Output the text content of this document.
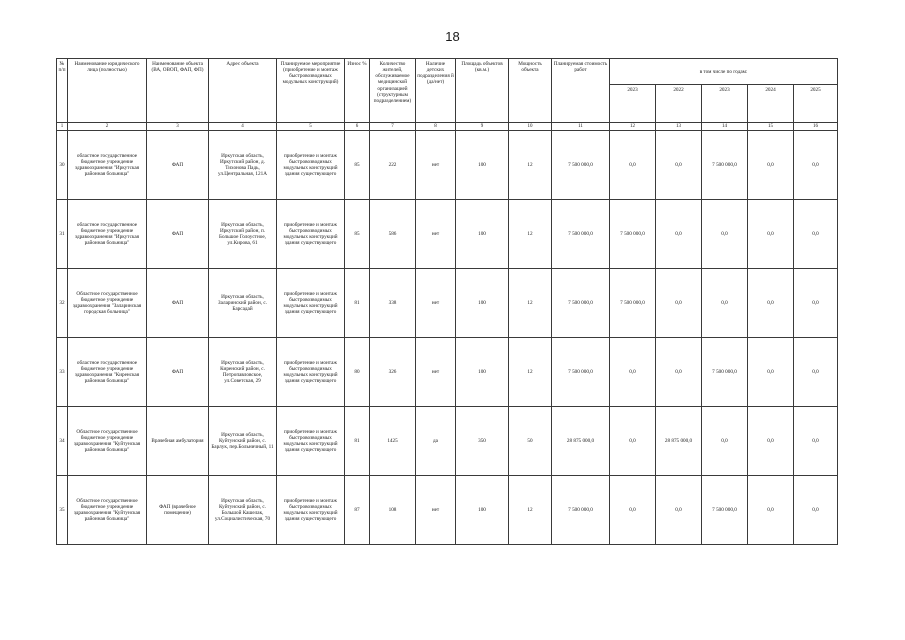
18
№ п/п	Наименование юридического лица (полностью)	Наименование объекта (ВА, ОВОП, ФАП, ФП)	Адрес объекта	Планируемое мероприятие (приобретение и монтаж быстровозводимых модульных конструкций)	Износ %	Количество жителей, обслуживаемое медицинской организацией (структурным подразделением)	Наличие детских подразделения й (да/нет)	Площадь объектов (кв.м.)	Мощность объекта	Планируемая стоимость работ	в том числе по годам:				
											2023	2022	2023	2024	2025
1	2	3	4	5	6	7	8	9	10	11	12	13	14	15	16
30	областное государственное бюджетное учреждение здравоохранения "Иркутская районная больница"	ФАП	Иркутская область, Иркутский район, д. Тихонова Падь, ул.Центральная, 121А	приобретение и монтаж быстровозводимых модульных конструкций здания существующего	85	222	нет	100	12	7 500 000,0	0,0	0,0	7 500 000,0	0,0	0,0
31	областное государственное бюджетное учреждение здравоохранения "Иркутская районная больница"	ФАП	Иркутская область, Иркутский район, п. Большое Голоустное, ул.Кирова, 61	приобретение и монтаж быстровозводимых модульных конструкций здания существующего	85	586	нет	100	12	7 500 000,0	7 500 000,0	0,0	0,0	0,0	0,0
32	Областное государственное бюджетное учреждение здравоохранения "Заларинская городская больница"	ФАП	Иркутская область, Заларинский район, с. Барсадай	приобретение и монтаж быстровозводимых модульных конструкций здания существующего	81	338	нет	100	12	7 500 000,0	7 500 000,0	0,0	0,0	0,0	0,0
33	областное государственное бюджетное учреждение здравоохранения "Киренская районная больница"	ФАП	Иркутская область, Киренский район, с. Петропавловское, ул.Советская, 29	приобретение и монтаж быстровозводимых модульных конструкций здания существующего	80	326	нет	100	12	7 500 000,0	0,0	0,0	7 500 000,0	0,0	0,0
34	Областное государственное бюджетное учреждение здравоохранения "Куйтунская районная больница"	Врачебная амбулатория	Иркутская область, Куйтунский район, с. Барлук, пер.Больничный, 11	приобретение и монтаж быстровозводимых модульных конструкций здания существующего	81	1425	да	350	50	28 875 000,0	0,0	28 875 000,0	0,0	0,0	0,0
35	Областное государственное бюджетное учреждение здравоохранения "Куйтунская районная больница"	ФАП (врачебное помещение)	Иркутская область, Куйтунский район, с. Большой Кашелак, ул.Социалистическая, 70	приобретение и монтаж быстровозводимых модульных конструкций здания существующего	87	108	нет	100	12	7 500 000,0	0,0	0,0	7 500 000,0	0,0	0,0
